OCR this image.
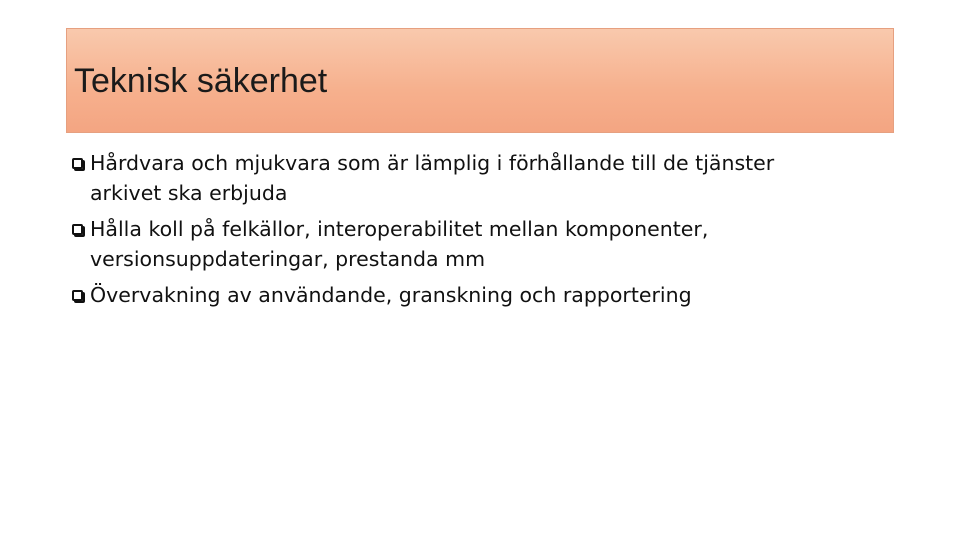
Teknisk säkerhet
Hårdvara och mjukvara som är lämplig i förhållande till de tjänster
arkivet ska erbjuda
Hålla koll på felkällor, interoperabilitet mellan komponenter,
versionsuppdateringar, prestanda mm
Övervakning av användande, granskning och rapportering
